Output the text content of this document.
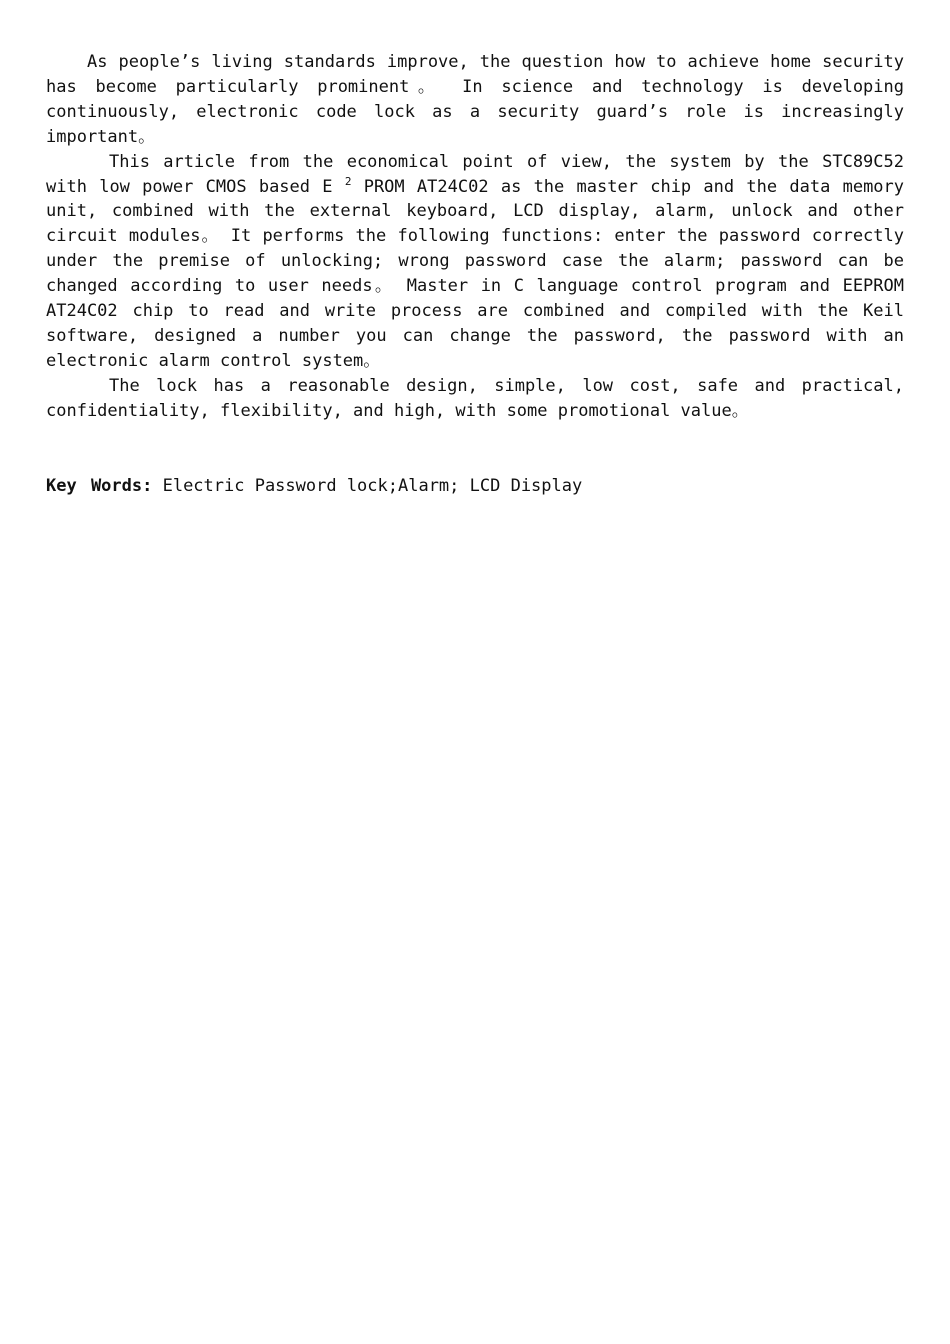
As people’s living standards improve, the question how to achieve home security has become particularly prominent。 In science and technology is developing continuously, electronic code lock as a security guard’s role is increasingly important。

This article from the economical point of view, the system by the STC89C52 with low power CMOS based E $^2$ PROM AT24C02 as the master chip and the data memory unit, combined with the external keyboard, LCD display, alarm, unlock and other circuit modules。 It performs the following functions: enter the password correctly under the premise of unlocking; wrong password case the alarm; password can be changed according to user needs。 Master in C language control program and EEPROM AT24C02 chip to read and write process are combined and compiled with the Keil software, designed a number you can change the password, the password with an electronic alarm control system。

The lock has a reasonable design, simple, low cost, safe and practical, confidentiality, flexibility, and high, with some promotional value。

Key Words: Electric Password lock;Alarm; LCD Display
